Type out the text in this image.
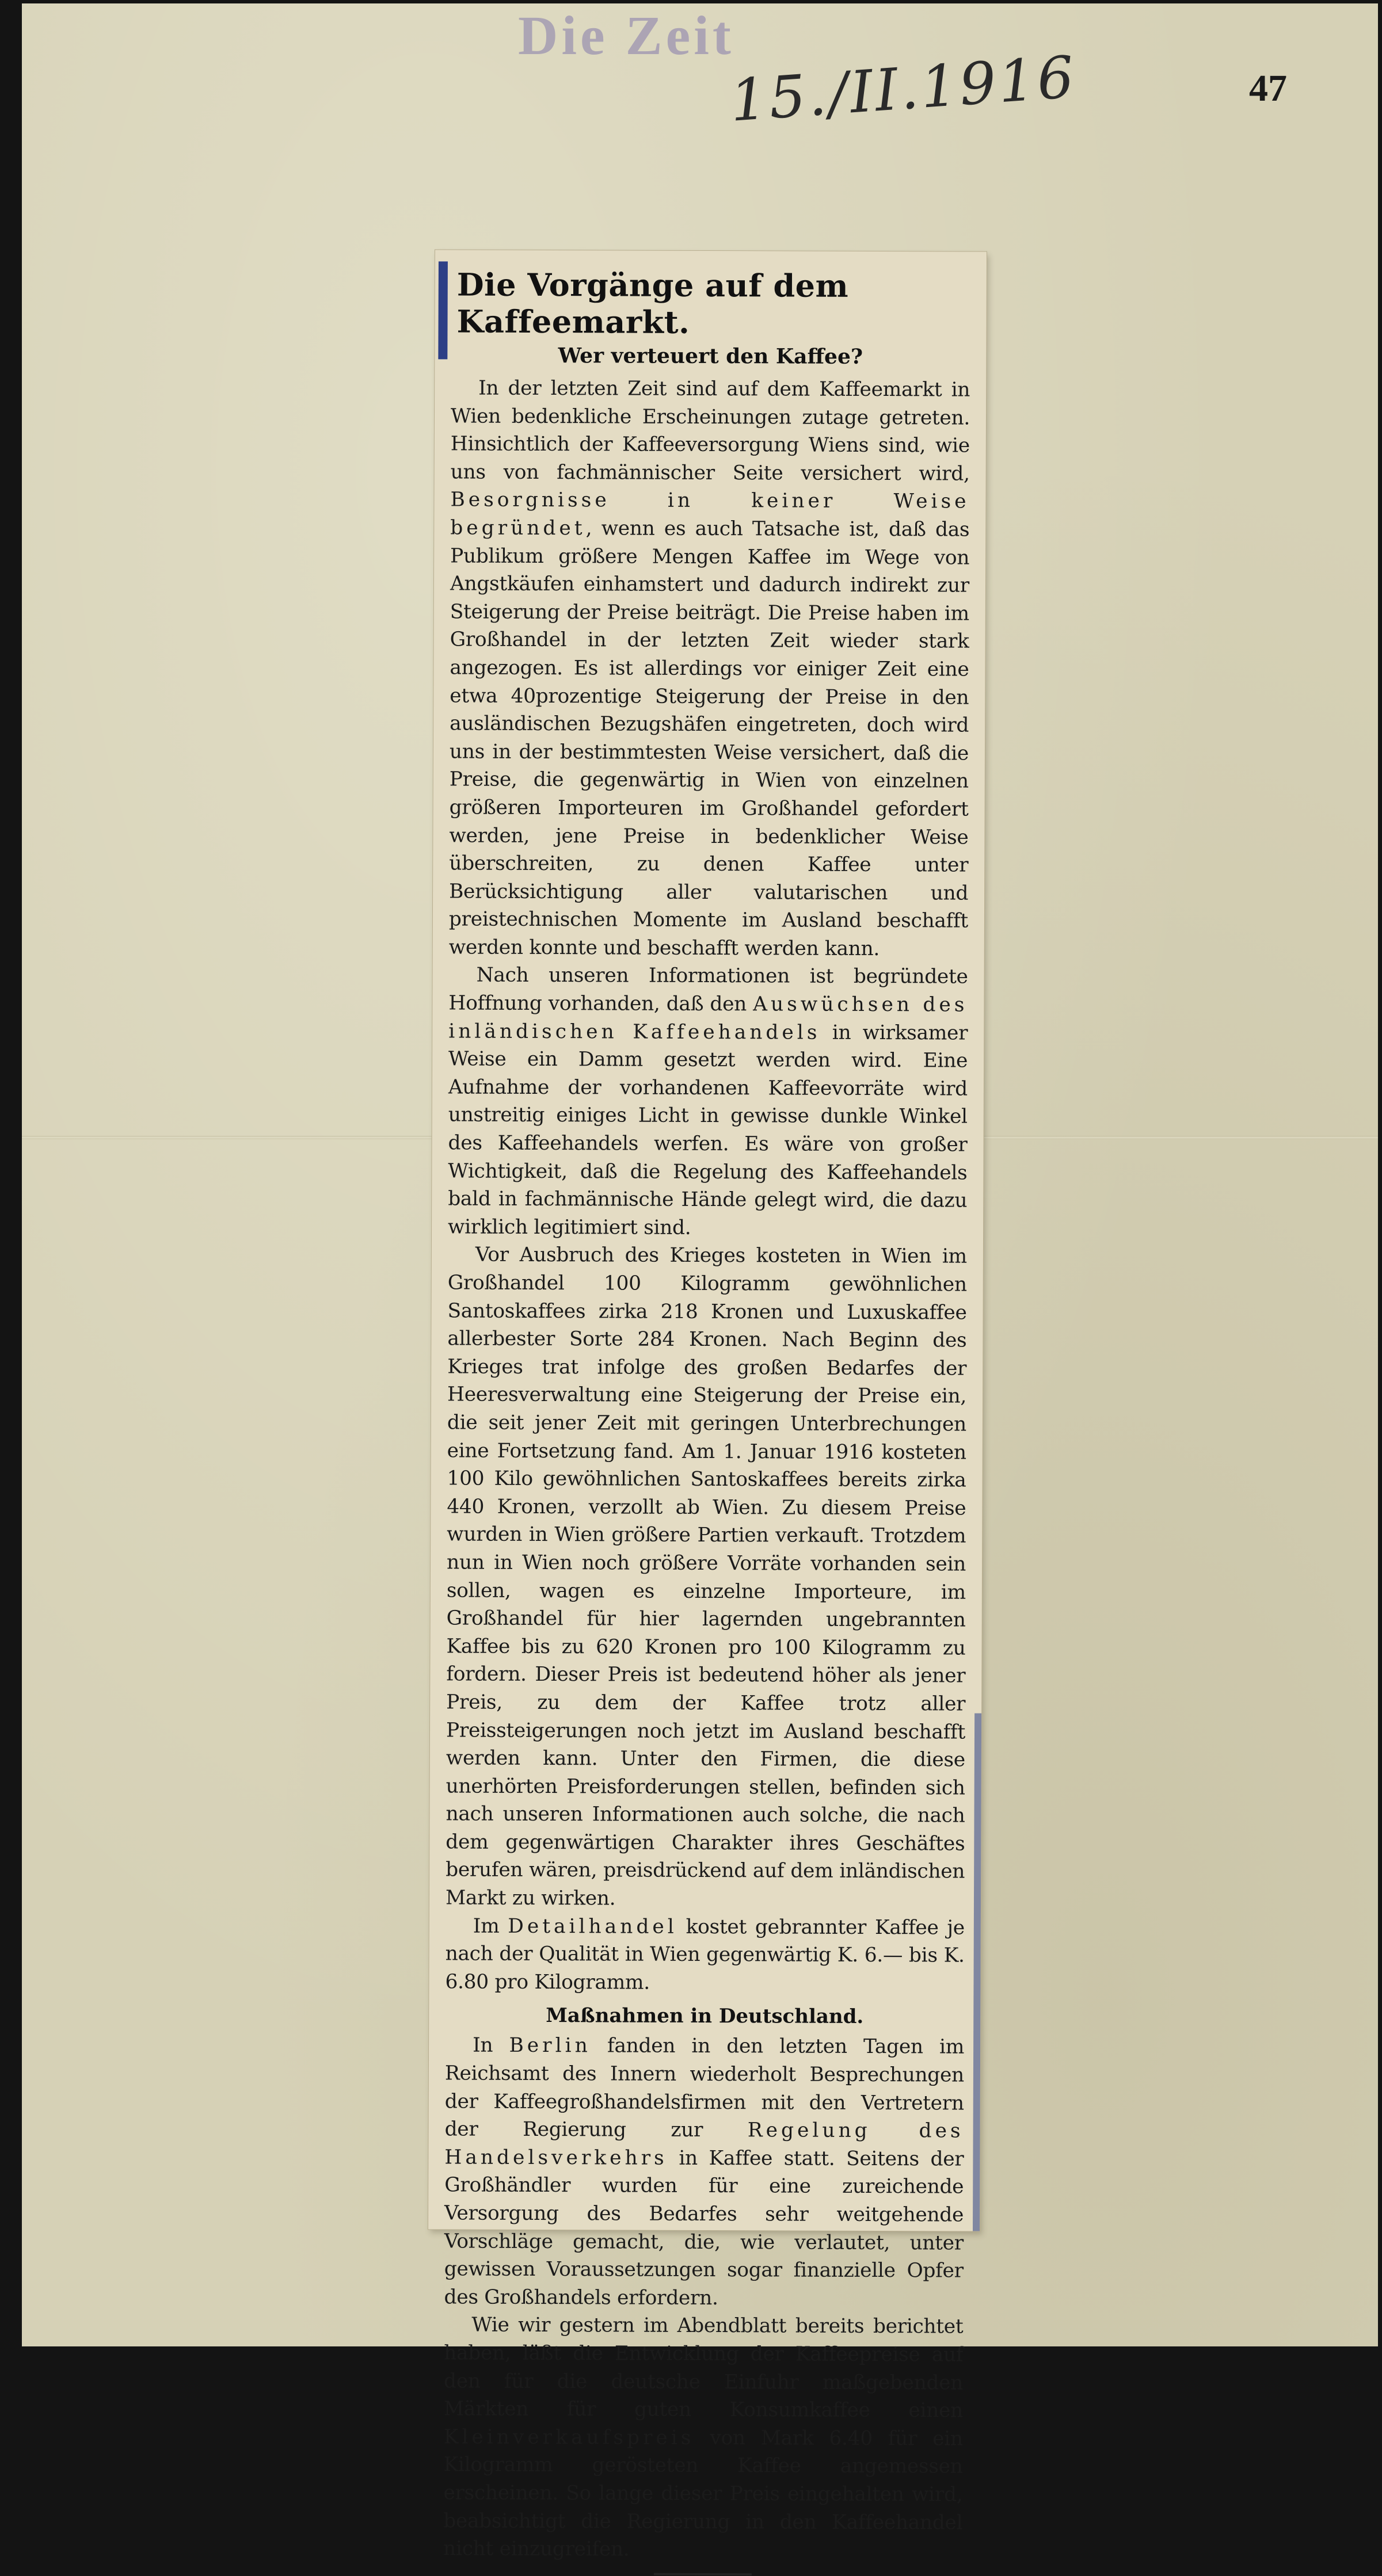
Die Zeit
15./II.1916	47
Die Vorgänge auf dem Kaffeemarkt.
Wer verteuert den Kaffee?

In der letzten Zeit sind auf dem Kaffeemarkt in Wien bedenkliche Erscheinungen zutage getreten. Hinsichtlich der Kaffeeversorgung Wiens sind, wie uns von fachmännischer Seite versichert wird, Besorgnisse in keiner Weise begründet, wenn es auch Tatsache ist, daß das Publikum größere Mengen Kaffee im Wege von Angstkäufen einhamstert und dadurch indirekt zur Steigerung der Preise beiträgt. Die Preise haben im Großhandel in der letzten Zeit wieder stark angezogen. Es ist allerdings vor einiger Zeit eine etwa 40prozentige Steigerung der Preise in den ausländischen Bezugshäfen eingetreten, doch wird uns in der bestimmtesten Weise versichert, daß die Preise, die gegenwärtig in Wien von einzelnen größeren Importeuren im Großhandel gefordert werden, jene Preise in bedenklicher Weise überschreiten, zu denen Kaffee unter Berücksichtigung aller valutarischen und preistechnischen Momente im Ausland beschafft werden konnte und beschafft werden kann.

Nach unseren Informationen ist begründete Hoffnung vorhanden, daß den Auswüchsen des inländischen Kaffeehandels in wirksamer Weise ein Damm gesetzt werden wird. Eine Aufnahme der vorhandenen Kaffeevorräte wird unstreitig einiges Licht in gewisse dunkle Winkel des Kaffeehandels werfen. Es wäre von großer Wichtigkeit, daß die Regelung des Kaffeehandels bald in fachmännische Hände gelegt wird, die dazu wirklich legitimiert sind.

Vor Ausbruch des Krieges kosteten in Wien im Großhandel 100 Kilogramm gewöhnlichen Santoskaffees zirka 218 Kronen und Luxuskaffee allerbester Sorte 284 Kronen. Nach Beginn des Krieges trat infolge des großen Bedarfes der Heeresverwaltung eine Steigerung der Preise ein, die seit jener Zeit mit geringen Unterbrechungen eine Fortsetzung fand. Am 1. Januar 1916 kosteten 100 Kilo gewöhnlichen Santoskaffees bereits zirka 440 Kronen, verzollt ab Wien. Zu diesem Preise wurden in Wien größere Partien verkauft. Trotzdem nun in Wien noch größere Vorräte vorhanden sein sollen, wagen es einzelne Importeure, im Großhandel für hier lagernden ungebrannten Kaffee bis zu 620 Kronen pro 100 Kilogramm zu fordern. Dieser Preis ist bedeutend höher als jener Preis, zu dem der Kaffee trotz aller Preissteigerungen noch jetzt im Ausland beschafft werden kann. Unter den Firmen, die diese unerhörten Preisforderungen stellen, befinden sich nach unseren Informationen auch solche, die nach dem gegenwärtigen Charakter ihres Geschäftes berufen wären, preisdrückend auf dem inländischen Markt zu wirken.

Im Detailhandel kostet gebrannter Kaffee je nach der Qualität in Wien gegenwärtig K. 6.— bis K. 6.80 pro Kilogramm.

Maßnahmen in Deutschland.

In Berlin fanden in den letzten Tagen im Reichsamt des Innern wiederholt Besprechungen der Kaffeegroßhandelsfirmen mit den Vertretern der Regierung zur Regelung des Handelsverkehrs in Kaffee statt. Seitens der Großhändler wurden für eine zureichende Versorgung des Bedarfes sehr weitgehende Vorschläge gemacht, die, wie verlautet, unter gewissen Voraussetzungen sogar finanzielle Opfer des Großhandels erfordern.

Wie wir gestern im Abendblatt bereits berichtet haben, läßt die Entwicklung der Kaffeepreise auf den für die deutsche Einfuhr maßgebenden Märkten für guten Konsumkaffee einen Kleinverkaufspreis von Mark 6.40 für ein Kilogramm gerösteten Kaffee angemessen erscheinen. So lange dieser Preis eingehalten wird, beabsichtigt die Regierung in den Kaffeehandel nicht einzugreifen.
